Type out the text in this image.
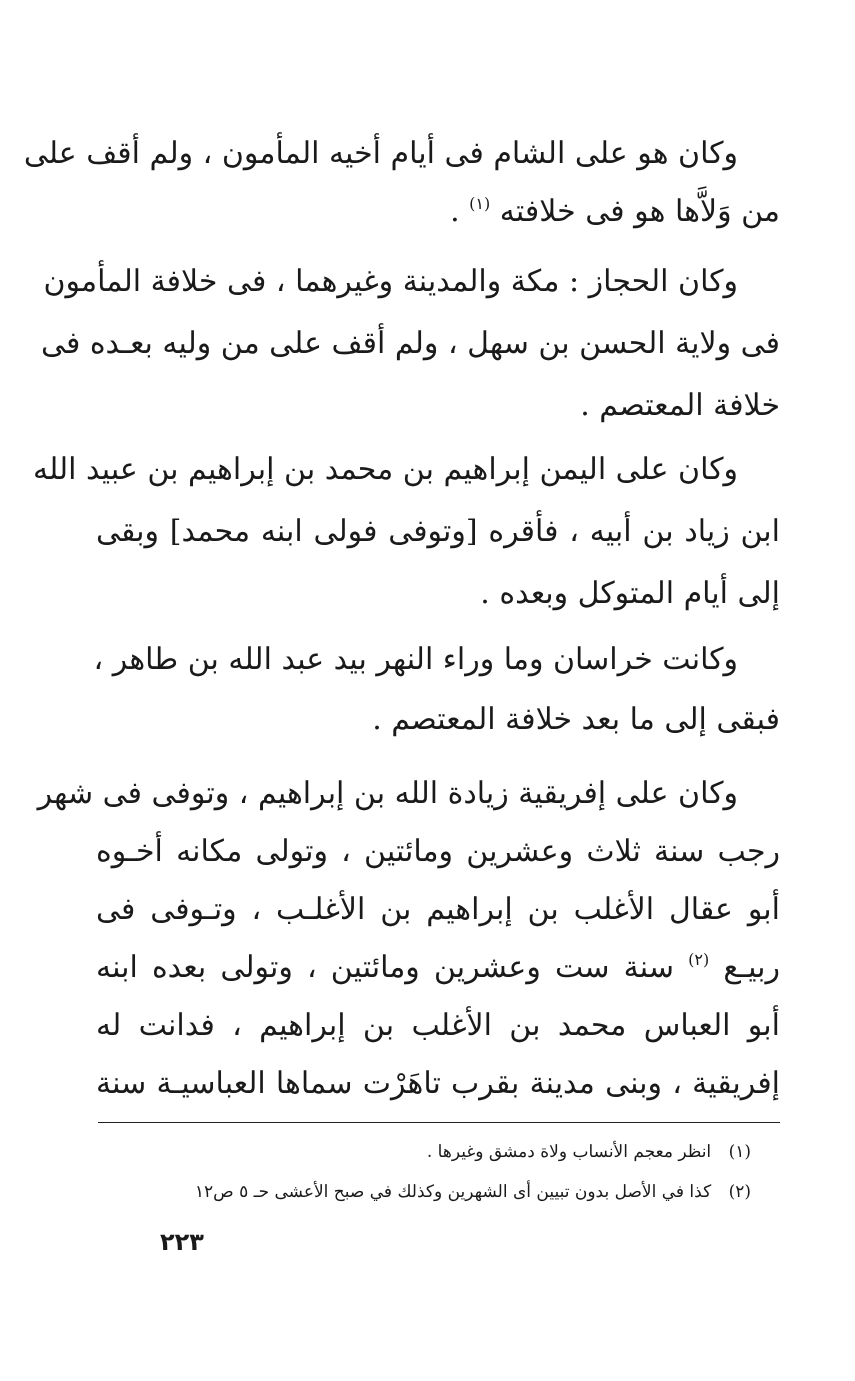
وكان هو على الشام فى أيام أخيه المأمون ، ولم أقف على
من وَلاَّها هو فى خلافته $^{(١)}$ .
وكان الحجاز : مكة والمدينة وغيرهما ، فى خلافة المأمون
فى ولاية الحسن بن سهل ، ولم أقف على من وليه بعـده فى
خلافة المعتصم .
وكان على اليمن إبراهيم بن محمد بن إبراهيم بن عبيد الله
ابن زياد بن أبيه ، فأقره [وتوفى فولى ابنه محمد] وبقى
إلى أيام المتوكل وبعده .
وكانت خراسان وما وراء النهر بيد عبد الله بن طاهر ،
فبقى إلى ما بعد خلافة المعتصم .
وكان على إفريقية زيادة الله بن إبراهيم ، وتوفى فى شهر
رجب سنة ثلاث وعشرين ومائتين ، وتولى مكانه أخـوه
أبو عقال الأغلب بن إبراهيم بن الأغلـب ، وتـوفى فى
ربيـع $^{(٢)}$ سنة ست وعشرين ومائتين ، وتولى بعده ابنه
أبو العباس محمد بن الأغلب بن إبراهيم ، فدانت له
إفريقية ، وبنى مدينة بقرب تاهَرْت سماها العباسيـة سنة
(١) انظر معجم الأنساب ولاة دمشق وغيرها .
(٢) كذا في الأصل بدون تبيين أى الشهرين وكذلك في صبح الأعشى حـ ٥ ص١٢
٢٢٣
